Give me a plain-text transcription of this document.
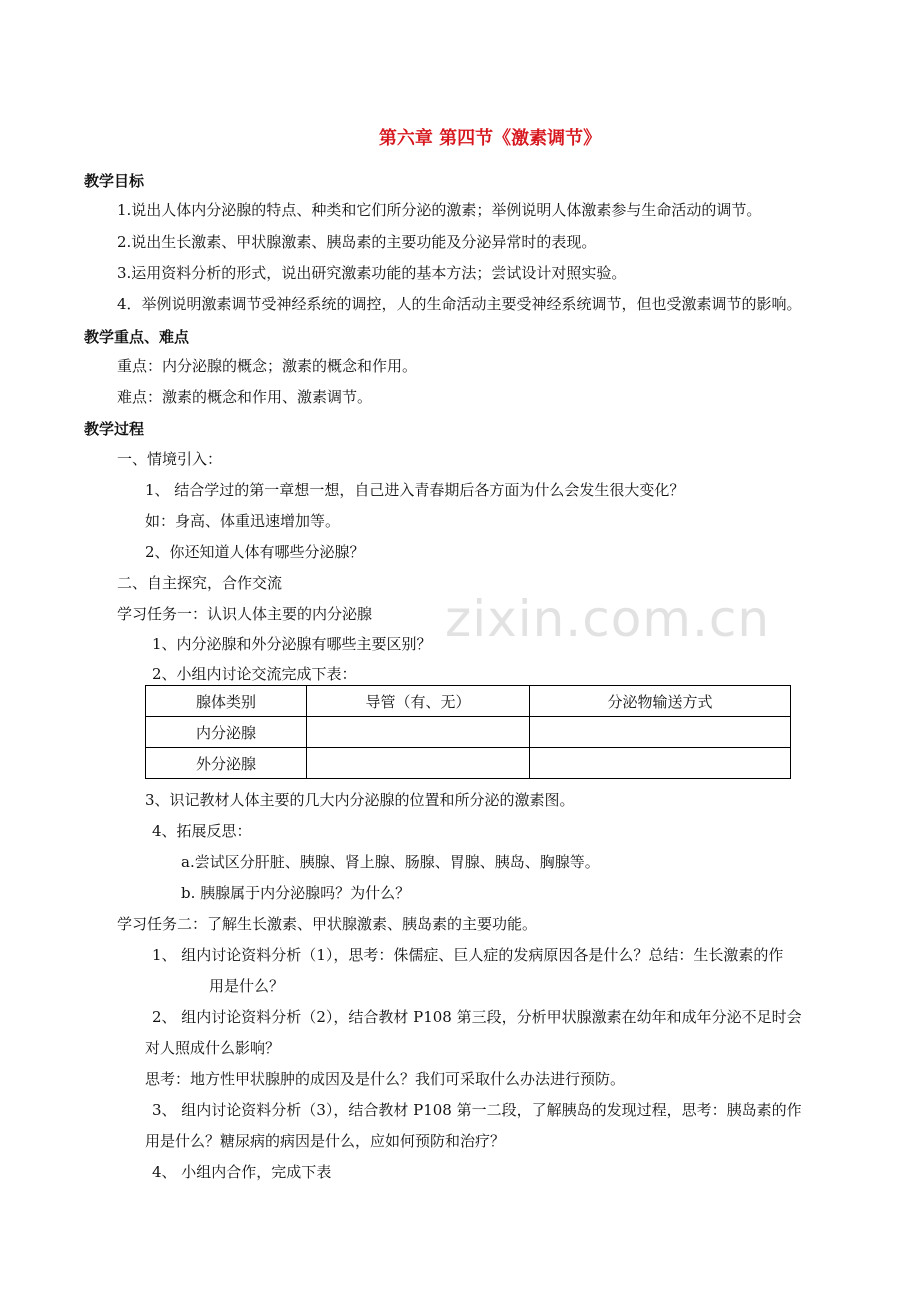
第六章 第四节《激素调节》
zixin.com.cn
教学目标
1.说出人体内分泌腺的特点、种类和它们所分泌的激素；举例说明人体激素参与生命活动的调节。
2.说出生长激素、甲状腺激素、胰岛素的主要功能及分泌异常时的表现。
3.运用资料分析的形式，说出研究激素功能的基本方法；尝试设计对照实验。
4．举例说明激素调节受神经系统的调控，人的生命活动主要受神经系统调节，但也受激素调节的影响。
教学重点、难点
重点：内分泌腺的概念；激素的概念和作用。
难点：激素的概念和作用、激素调节。
教学过程
一、情境引入：
1、 结合学过的第一章想一想，自己进入青春期后各方面为什么会发生很大变化？
如：身高、体重迅速增加等。
2、你还知道人体有哪些分泌腺？
二、自主探究，合作交流
学习任务一：认识人体主要的内分泌腺
1、内分泌腺和外分泌腺有哪些主要区别？
2、小组内讨论交流完成下表：
腺体类别	导管（有、无）	分泌物输送方式
内分泌腺		
外分泌腺		
3、识记教材人体主要的几大内分泌腺的位置和所分泌的激素图。
4、拓展反思：
a.尝试区分肝脏、胰腺、肾上腺、肠腺、胃腺、胰岛、胸腺等。
b. 胰腺属于内分泌腺吗？为什么？
学习任务二：了解生长激素、甲状腺激素、胰岛素的主要功能。
1、 组内讨论资料分析（1），思考：侏儒症、巨人症的发病原因各是什么？总结：生长激素的作
用是什么？
2、 组内讨论资料分析（2），结合教材 P108 第三段，分析甲状腺激素在幼年和成年分泌不足时会
对人照成什么影响？
思考：地方性甲状腺肿的成因及是什么？我们可采取什么办法进行预防。
3、 组内讨论资料分析（3），结合教材 P108 第一二段，了解胰岛的发现过程，思考：胰岛素的作
用是什么？糖尿病的病因是什么，应如何预防和治疗？
4、 小组内合作，完成下表
